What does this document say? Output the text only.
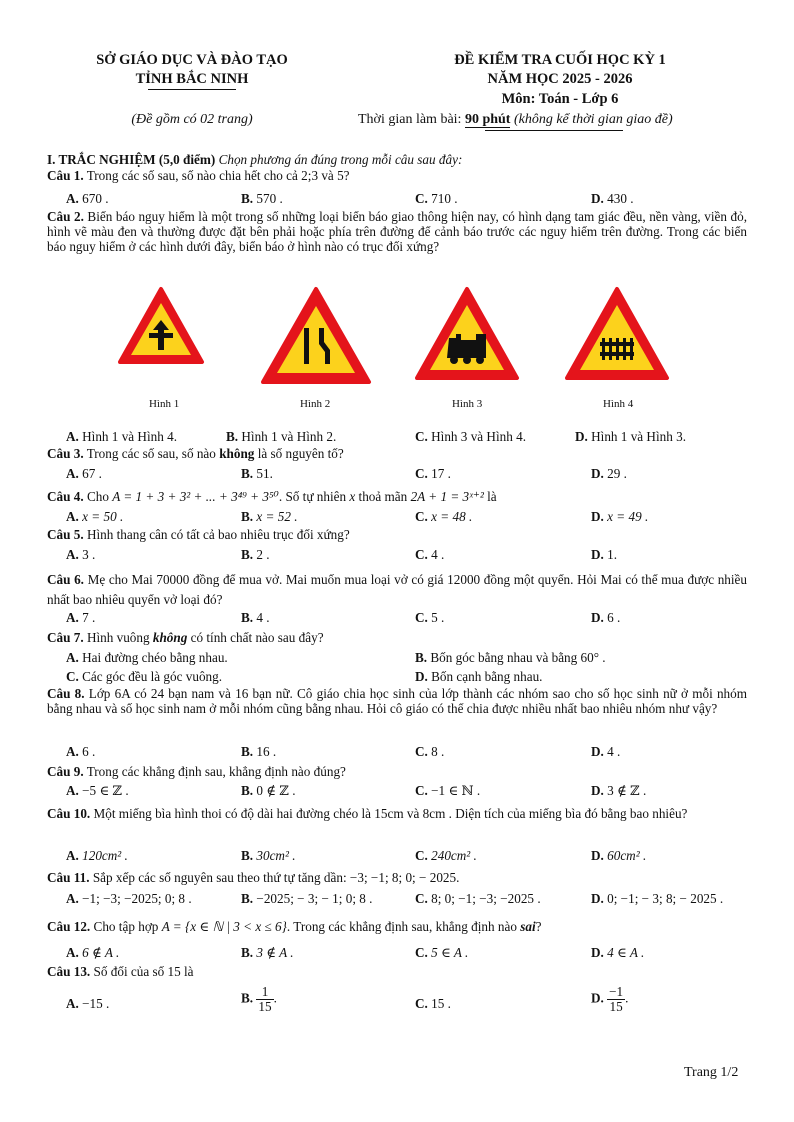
SỞ GIÁO DỤC VÀ ĐÀO TẠO
TỈNH BẮC NINH
(Đề gồm có 02 trang)
ĐỀ KIỂM TRA CUỐI HỌC KỲ 1
NĂM HỌC 2025 - 2026
Môn: Toán - Lớp 6
Thời gian làm bài: 90 phút (không kể thời gian giao đề)
I. TRẮC NGHIỆM (5,0 điểm) Chọn phương án đúng trong mỗi câu sau đây:
Câu 1. Trong các số sau, số nào chia hết cho cả 2;3 và 5?
A. 670 .	B. 570 .	C. 710 .	D. 430 .
Câu 2. Biển báo nguy hiểm là một trong số những loại biển báo giao thông hiện nay, có hình dạng tam giác đều, nền vàng, viền đỏ, hình vẽ màu đen và thường được đặt bên phải hoặc phía trên đường để cảnh báo trước các nguy hiểm trên đường. Trong các biển báo nguy hiểm ở các hình dưới đây, biển báo ở hình nào có trục đối xứng?
Hình 1	Hình 2	Hình 3	Hình 4
A. Hình 1 và Hình 4.	B. Hình 1 và Hình 2.	C. Hình 3 và Hình 4.	D. Hình 1 và Hình 3.
Câu 3. Trong các số sau, số nào không là số nguyên tố?
A. 67 .	B. 51.	C. 17 .	D. 29 .
Câu 4. Cho A = 1 + 3 + 3² + ... + 3⁴⁹ + 3⁵⁰. Số tự nhiên x thoả mãn 2A + 1 = 3ˣ⁺² là
A. x = 50 .	B. x = 52 .	C. x = 48 .	D. x = 49 .
Câu 5. Hình thang cân có tất cả bao nhiêu trục đối xứng?
A. 3 .	B. 2 .	C. 4 .	D. 1.
Câu 6. Mẹ cho Mai 70000 đồng để mua vở. Mai muốn mua loại vở có giá 12000 đồng một quyển. Hỏi Mai có thể mua được nhiều nhất bao nhiêu quyển vở loại đó?
A. 7 .	B. 4 .	C. 5 .	D. 6 .
Câu 7. Hình vuông không có tính chất nào sau đây?
A. Hai đường chéo bằng nhau.	B. Bốn góc bằng nhau và bằng 60° .
C. Các góc đều là góc vuông.	D. Bốn cạnh bằng nhau.
Câu 8. Lớp 6A có 24 bạn nam và 16 bạn nữ. Cô giáo chia học sinh của lớp thành các nhóm sao cho số học sinh nữ ở mỗi nhóm bằng nhau và số học sinh nam ở mỗi nhóm cũng bằng nhau. Hỏi cô giáo có thể chia được nhiều nhất bao nhiêu nhóm như vậy?
A. 6 .	B. 16 .	C. 8 .	D. 4 .
Câu 9. Trong các khẳng định sau, khẳng định nào đúng?
A. −5 ∈ ℤ .	B. 0 ∉ ℤ .	C. −1 ∈ ℕ .	D. 3 ∉ ℤ .
Câu 10. Một miếng bìa hình thoi có độ dài hai đường chéo là 15cm và 8cm . Diện tích của miếng bìa đó bằng bao nhiêu?
A. 120cm² .	B. 30cm² .	C. 240cm² .	D. 60cm² .
Câu 11. Sắp xếp các số nguyên sau theo thứ tự tăng dần: −3; −1; 8; 0; − 2025.
A. −1; −3; −2025; 0; 8 .	B. −2025; − 3; − 1; 0; 8 .	C. 8; 0; −1; −3; −2025 .	D. 0; −1; − 3; 8; − 2025 .
Câu 12. Cho tập hợp A = {x ∈ ℕ | 3 < x ≤ 6}. Trong các khẳng định sau, khẳng định nào sai?
A. 6 ∉ A .	B. 3 ∉ A .	C. 5 ∈ A .	D. 4 ∈ A .
Câu 13. Số đối của số 15 là
A. −15 .	B. $\frac{1}{15}$ .	C. 15 .	D. $\frac{-1}{15}$ .
Trang 1/2
